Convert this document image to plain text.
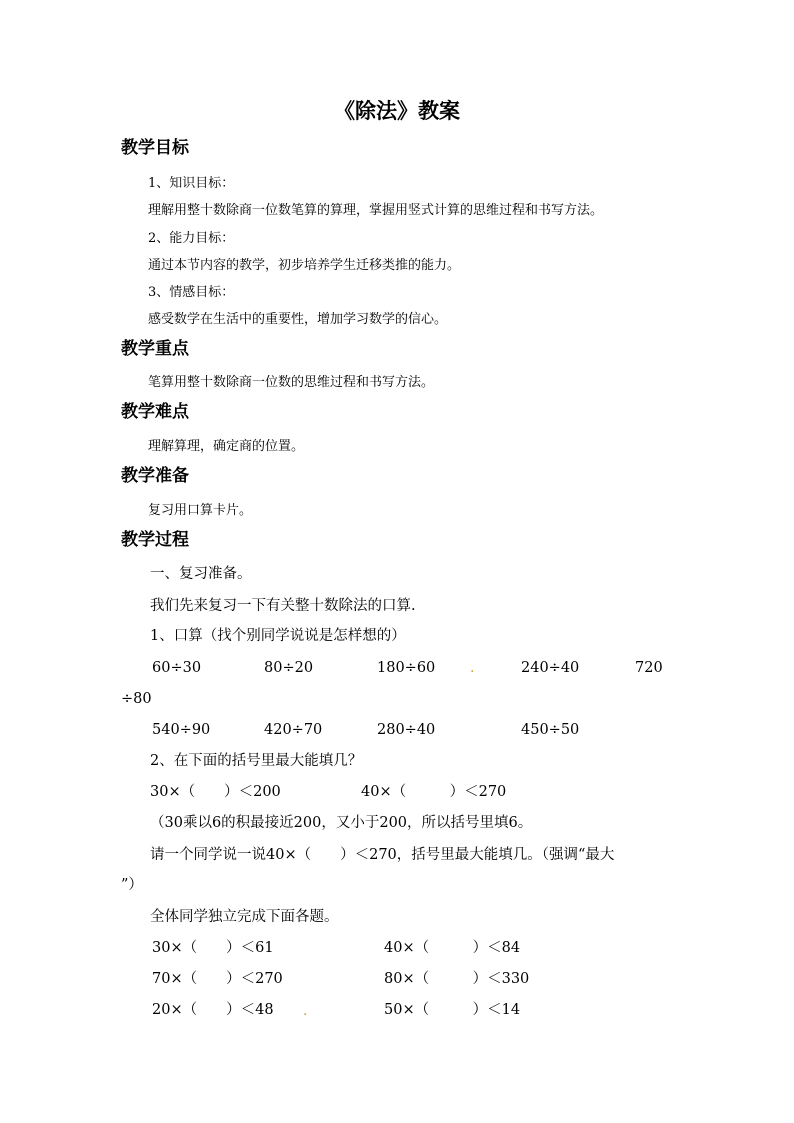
《除法》教案
教学目标
1、知识目标：
理解用整十数除商一位数笔算的算理，掌握用竖式计算的思维过程和书写方法。
2、能力目标：
通过本节内容的教学，初步培养学生迁移类推的能力。
3、情感目标：
感受数学在生活中的重要性，增加学习数学的信心。
教学重点
笔算用整十数除商一位数的思维过程和书写方法。
教学难点
理解算理，确定商的位置。
教学准备
复习用口算卡片。
教学过程
一、复习准备。
我们先来复习一下有关整十数除法的口算.
1、口算（找个别同学说说是怎样想的）
60÷30	80÷20	180÷60 .	240÷40	720
÷80
540÷90	420÷70	280÷40	450÷50
2、在下面的括号里最大能填几？
30×（　　）＜200	40×（　　　）＜270
（30乘以6的积最接近200，又小于200，所以括号里填6。
请一个同学说一说40×（　　）＜270，括号里最大能填几。（强调“最大
”）
全体同学独立完成下面各题。
30×（　　）＜61	40×（　　　）＜84
70×（　　）＜270	80×（　　　）＜330
20×（　　）＜48 .	50×（　　　）＜14
